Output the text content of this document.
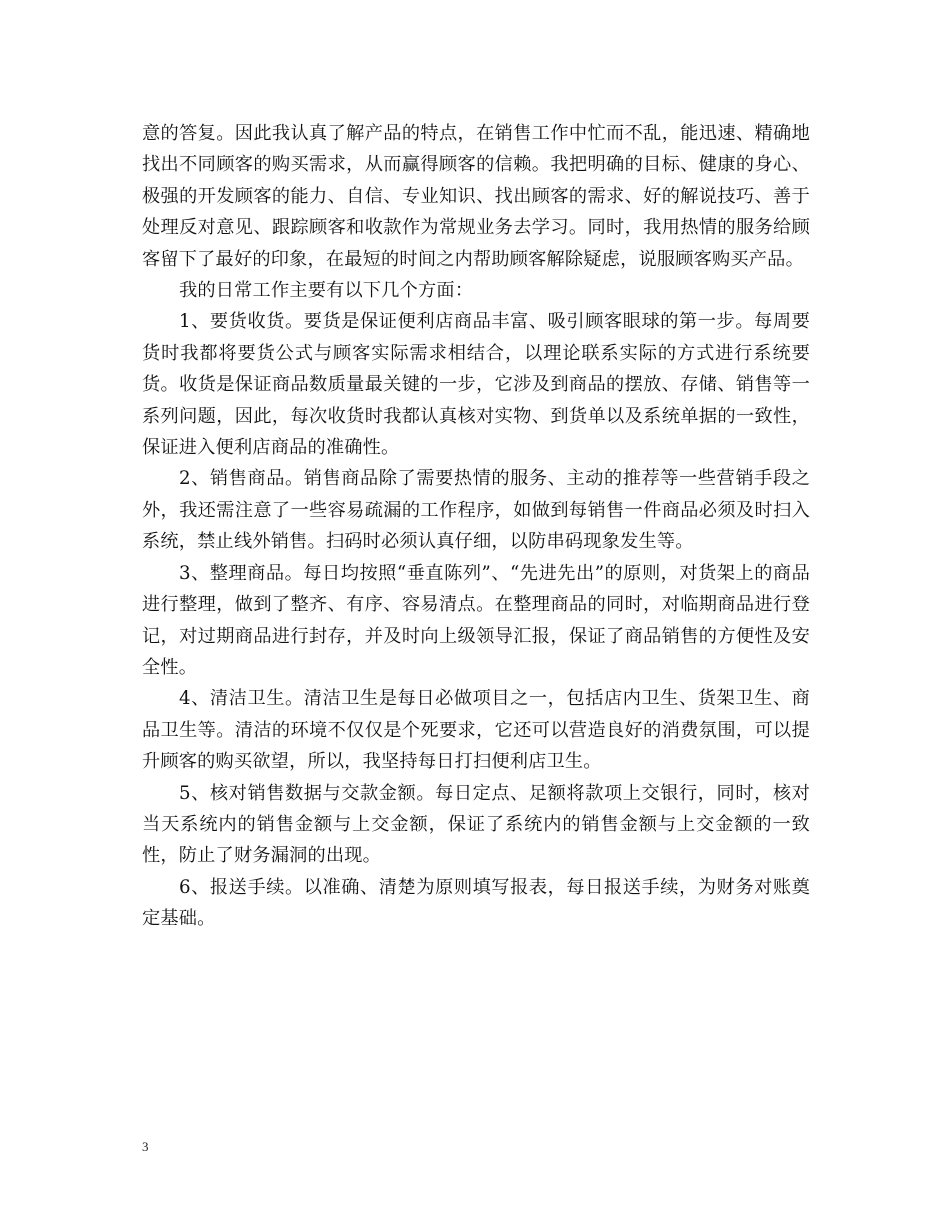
意的答复。因此我认真了解产品的特点，在销售工作中忙而不乱，能迅速、精确地找出不同顾客的购买需求，从而赢得顾客的信赖。我把明确的目标、健康的身心、极强的开发顾客的能力、自信、专业知识、找出顾客的需求、好的解说技巧、善于处理反对意见、跟踪顾客和收款作为常规业务去学习。同时，我用热情的服务给顾客留下了最好的印象，在最短的时间之内帮助顾客解除疑虑，说服顾客购买产品。

我的日常工作主要有以下几个方面：

1、要货收货。要货是保证便利店商品丰富、吸引顾客眼球的第一步。每周要货时我都将要货公式与顾客实际需求相结合，以理论联系实际的方式进行系统要货。收货是保证商品数质量最关键的一步，它涉及到商品的摆放、存储、销售等一系列问题，因此，每次收货时我都认真核对实物、到货单以及系统单据的一致性，保证进入便利店商品的准确性。

2、销售商品。销售商品除了需要热情的服务、主动的推荐等一些营销手段之外，我还需注意了一些容易疏漏的工作程序，如做到每销售一件商品必须及时扫入系统，禁止线外销售。扫码时必须认真仔细，以防串码现象发生等。

3、整理商品。每日均按照“垂直陈列”、“先进先出”的原则，对货架上的商品进行整理，做到了整齐、有序、容易清点。在整理商品的同时，对临期商品进行登记，对过期商品进行封存，并及时向上级领导汇报，保证了商品销售的方便性及安全性。

4、清洁卫生。清洁卫生是每日必做项目之一，包括店内卫生、货架卫生、商品卫生等。清洁的环境不仅仅是个死要求，它还可以营造良好的消费氛围，可以提升顾客的购买欲望，所以，我坚持每日打扫便利店卫生。

5、核对销售数据与交款金额。每日定点、足额将款项上交银行，同时，核对当天系统内的销售金额与上交金额，保证了系统内的销售金额与上交金额的一致性，防止了财务漏洞的出现。

6、报送手续。以准确、清楚为原则填写报表，每日报送手续，为财务对账奠定基础。

3
